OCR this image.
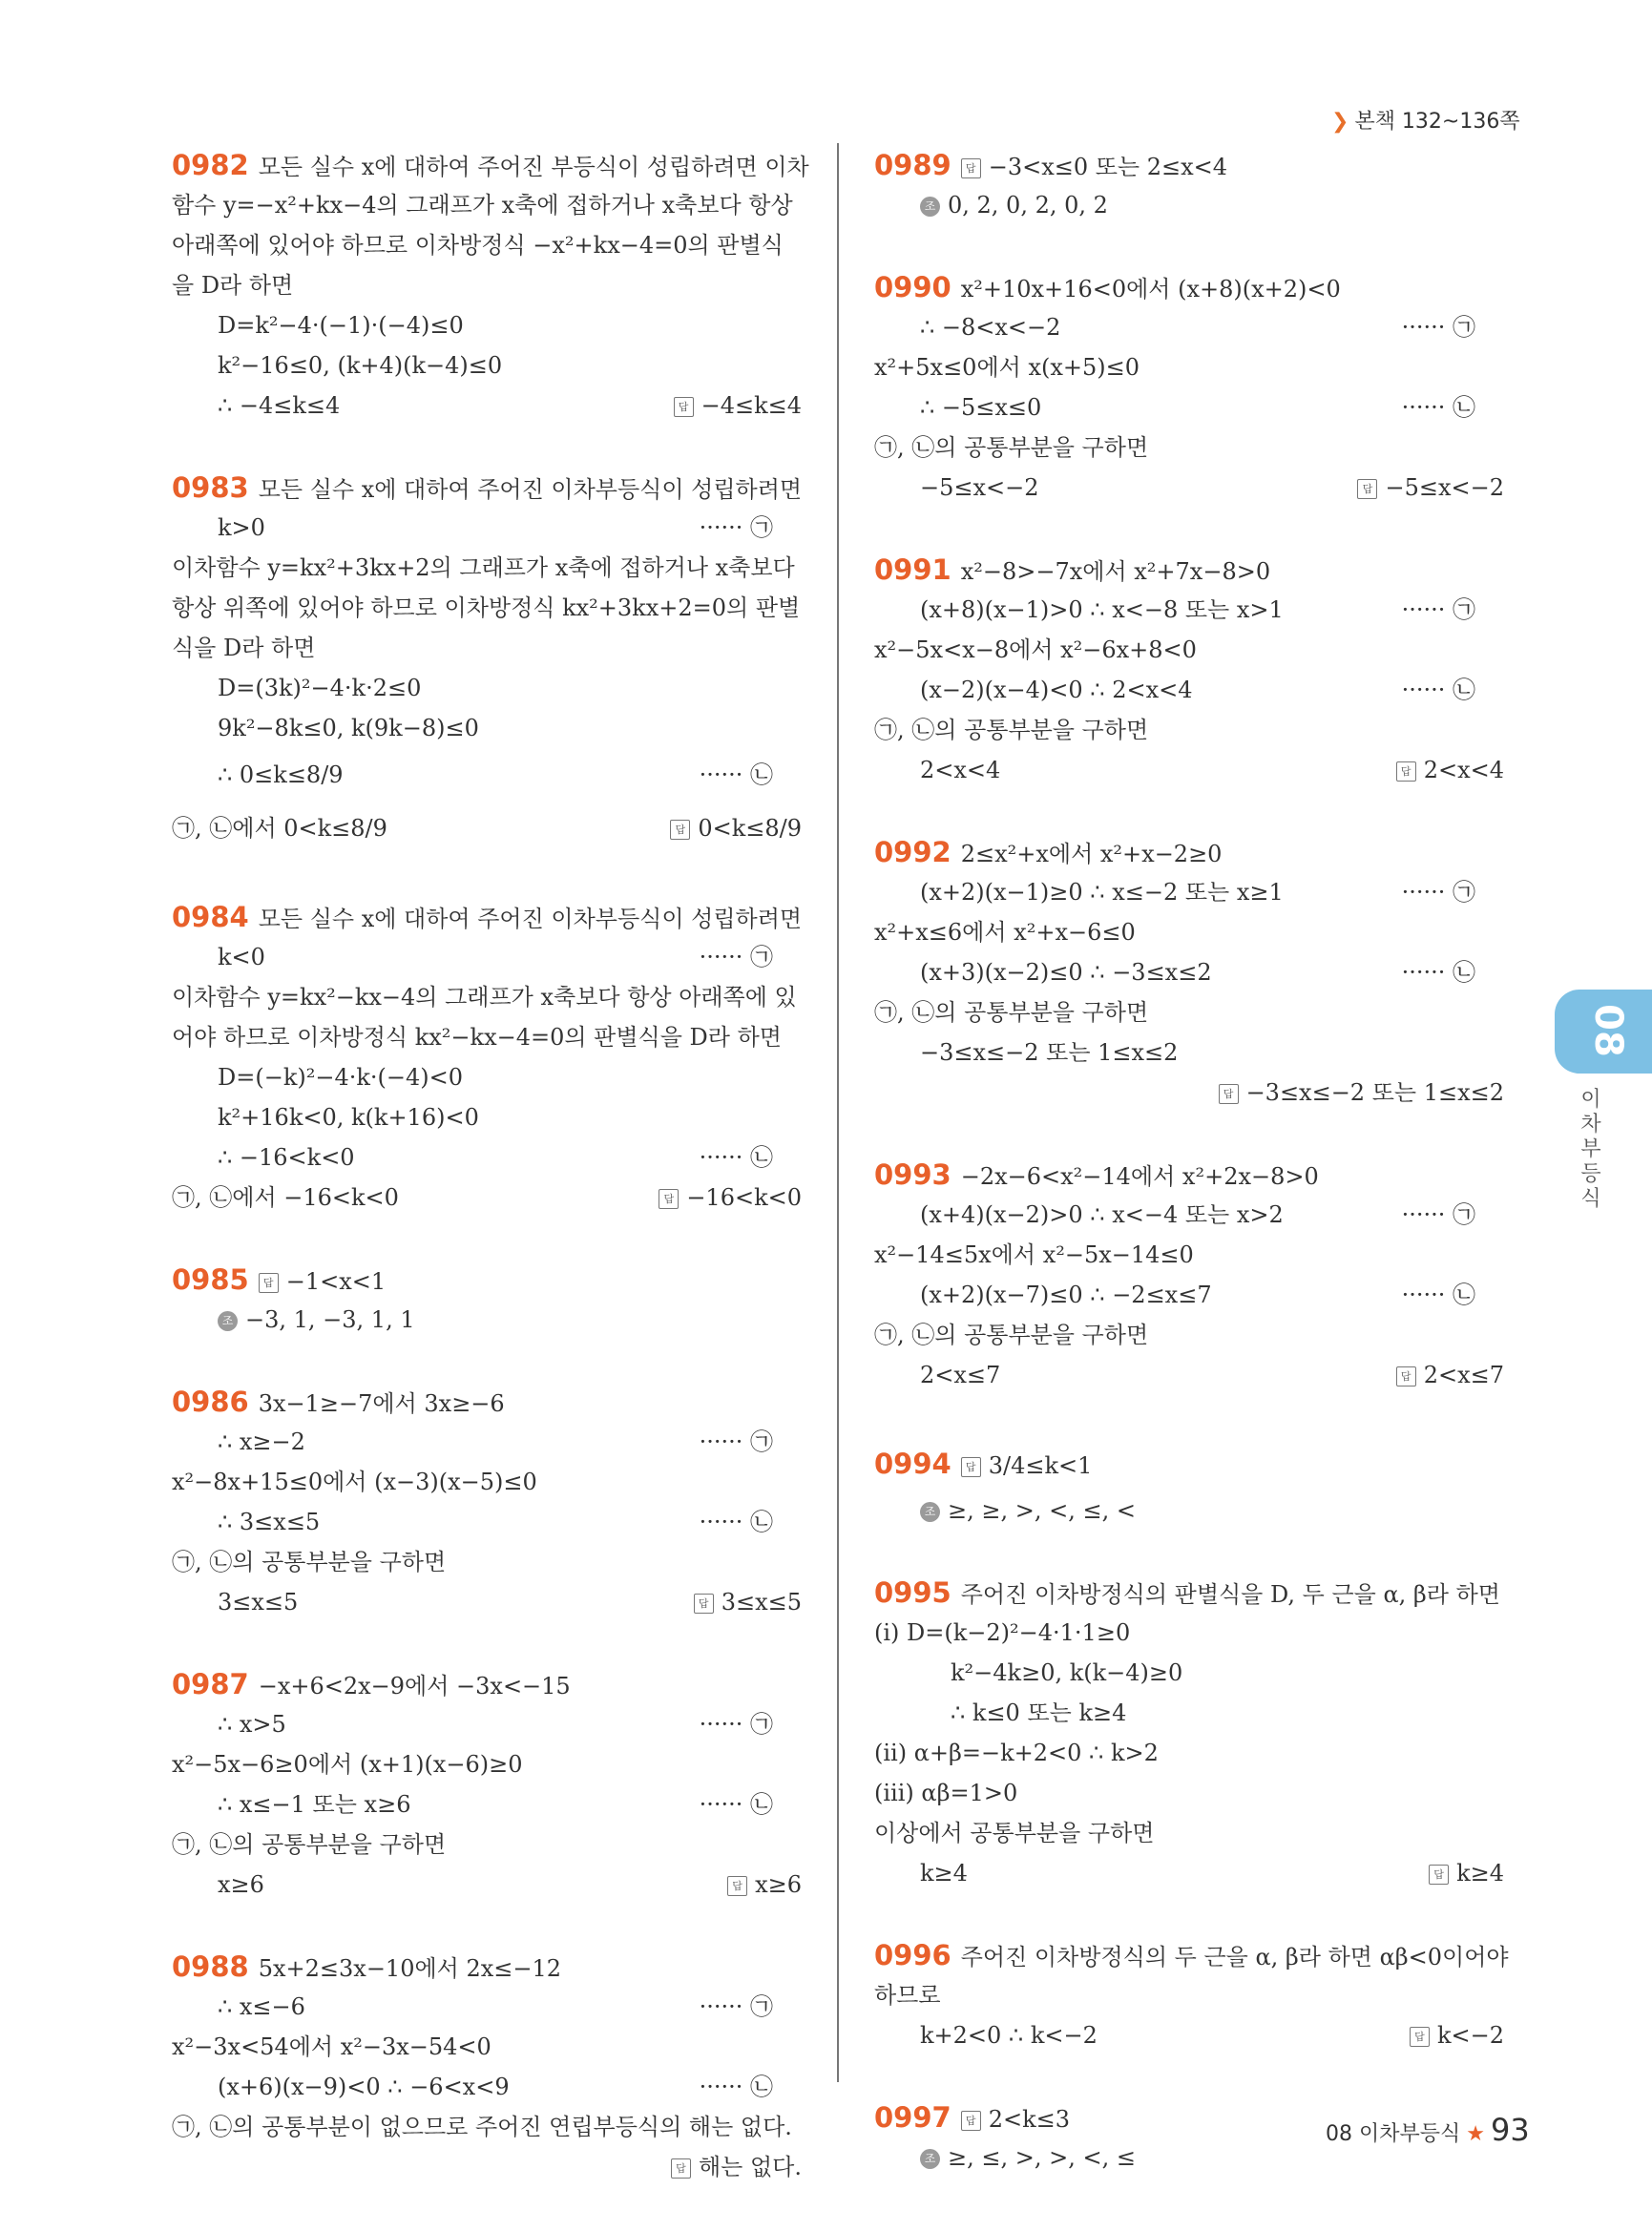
❯ 본책 132~136쪽
0982 모든 실수 x에 대하여 주어진 부등식이 성립하려면 이차
함수 y=−x²+kx−4의 그래프가 x축에 접하거나 x축보다 항상
아래쪽에 있어야 하므로 이차방정식 −x²+kx−4=0의 판별식
을 D라 하면
D=k²−4·(−1)·(−4)≤0
k²−16≤0, (k+4)(k−4)≤0
∴ −4≤k≤4	답 −4≤k≤4
0983 모든 실수 x에 대하여 주어진 이차부등식이 성립하려면
k>0	······ ㉠
이차함수 y=kx²+3kx+2의 그래프가 x축에 접하거나 x축보다
항상 위쪽에 있어야 하므로 이차방정식 kx²+3kx+2=0의 판별
식을 D라 하면
D=(3k)²−4·k·2≤0
9k²−8k≤0, k(9k−8)≤0
∴ 0≤k≤8/9	······ ㉡
㉠, ㉡에서 0<k≤8/9	답 0<k≤8/9
0984 모든 실수 x에 대하여 주어진 이차부등식이 성립하려면
k<0	······ ㉠
이차함수 y=kx²−kx−4의 그래프가 x축보다 항상 아래쪽에 있
어야 하므로 이차방정식 kx²−kx−4=0의 판별식을 D라 하면
D=(−k)²−4·k·(−4)<0
k²+16k<0, k(k+16)<0
∴ −16<k<0	······ ㉡
㉠, ㉡에서 −16<k<0	답 −16<k<0
0985 답 −1<x<1
조 −3, 1, −3, 1, 1
0986 3x−1≥−7에서 3x≥−6
∴ x≥−2	······ ㉠
x²−8x+15≤0에서 (x−3)(x−5)≤0
∴ 3≤x≤5	······ ㉡
㉠, ㉡의 공통부분을 구하면
3≤x≤5	답 3≤x≤5
0987 −x+6<2x−9에서 −3x<−15
∴ x>5	······ ㉠
x²−5x−6≥0에서 (x+1)(x−6)≥0
∴ x≤−1 또는 x≥6	······ ㉡
㉠, ㉡의 공통부분을 구하면
x≥6	답 x≥6
0988 5x+2≤3x−10에서 2x≤−12
∴ x≤−6	······ ㉠
x²−3x<54에서 x²−3x−54<0
(x+6)(x−9)<0 ∴ −6<x<9	······ ㉡
㉠, ㉡의 공통부분이 없으므로 주어진 연립부등식의 해는 없다.
답 해는 없다.
0989 답 −3<x≤0 또는 2≤x<4
조 0, 2, 0, 2, 0, 2
0990 x²+10x+16<0에서 (x+8)(x+2)<0
∴ −8<x<−2	······ ㉠
x²+5x≤0에서 x(x+5)≤0
∴ −5≤x≤0	······ ㉡
㉠, ㉡의 공통부분을 구하면
−5≤x<−2	답 −5≤x<−2
0991 x²−8>−7x에서 x²+7x−8>0
(x+8)(x−1)>0 ∴ x<−8 또는 x>1	······ ㉠
x²−5x<x−8에서 x²−6x+8<0
(x−2)(x−4)<0 ∴ 2<x<4	······ ㉡
㉠, ㉡의 공통부분을 구하면
2<x<4	답 2<x<4
0992 2≤x²+x에서 x²+x−2≥0
(x+2)(x−1)≥0 ∴ x≤−2 또는 x≥1	······ ㉠
x²+x≤6에서 x²+x−6≤0
(x+3)(x−2)≤0 ∴ −3≤x≤2	······ ㉡
㉠, ㉡의 공통부분을 구하면
−3≤x≤−2 또는 1≤x≤2
답 −3≤x≤−2 또는 1≤x≤2
0993 −2x−6<x²−14에서 x²+2x−8>0
(x+4)(x−2)>0 ∴ x<−4 또는 x>2	······ ㉠
x²−14≤5x에서 x²−5x−14≤0
(x+2)(x−7)≤0 ∴ −2≤x≤7	······ ㉡
㉠, ㉡의 공통부분을 구하면
2<x≤7	답 2<x≤7
0994 답 3/4≤k<1
조 ≥, ≥, >, <, ≤, <
0995 주어진 이차방정식의 판별식을 D, 두 근을 α, β라 하면
(ⅰ) D=(k−2)²−4·1·1≥0
k²−4k≥0, k(k−4)≥0
∴ k≤0 또는 k≥4
(ⅱ) α+β=−k+2<0 ∴ k>2
(ⅲ) αβ=1>0
이상에서 공통부분을 구하면
k≥4	답 k≥4
0996 주어진 이차방정식의 두 근을 α, β라 하면 αβ<0이어야
하므로
k+2<0 ∴ k<−2	답 k<−2
0997 답 2<k≤3
조 ≥, ≤, >, >, <, ≤
08
이차부등식
08 이차부등식 ★ 93
